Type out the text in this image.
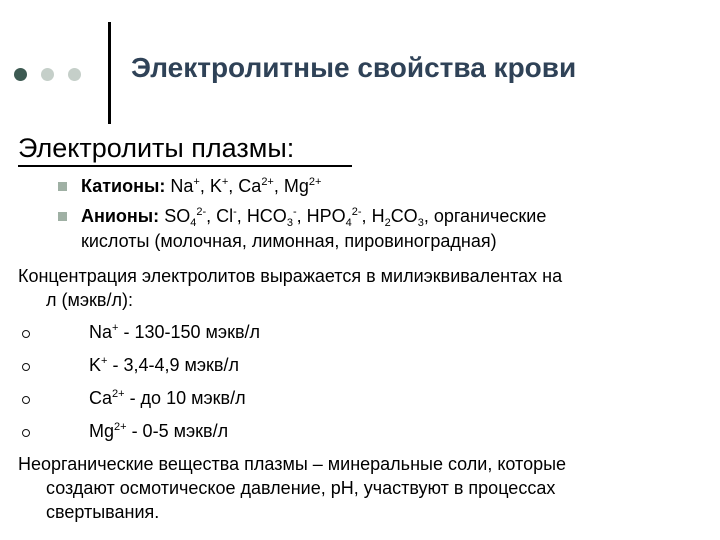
Электролитные свойства крови
Электролиты плазмы:
Катионы: Na+, K+, $Ca^{2+}$, $Mg^{2+}$
Анионы: $SO_4^{2-}$, Cl-, $HCO_3^-$, $HPO_4^{2-}$, $H_2CO_3$, органические
кислоты (молочная, лимонная, пировиноградная)
Концентрация электролитов выражается в милиэквивалентах на
л (мэкв/л):
Na+ - 130-150 мэкв/л
K+ - 3,4-4,9 мэкв/л
$Ca^{2+}$ - до 10 мэкв/л
$Mg^{2+} - 0-5$ мэкв/л
Неорганические вещества плазмы – минеральные соли, которые
создают осмотическое давление, pH, участвуют в процессах
свертывания.
